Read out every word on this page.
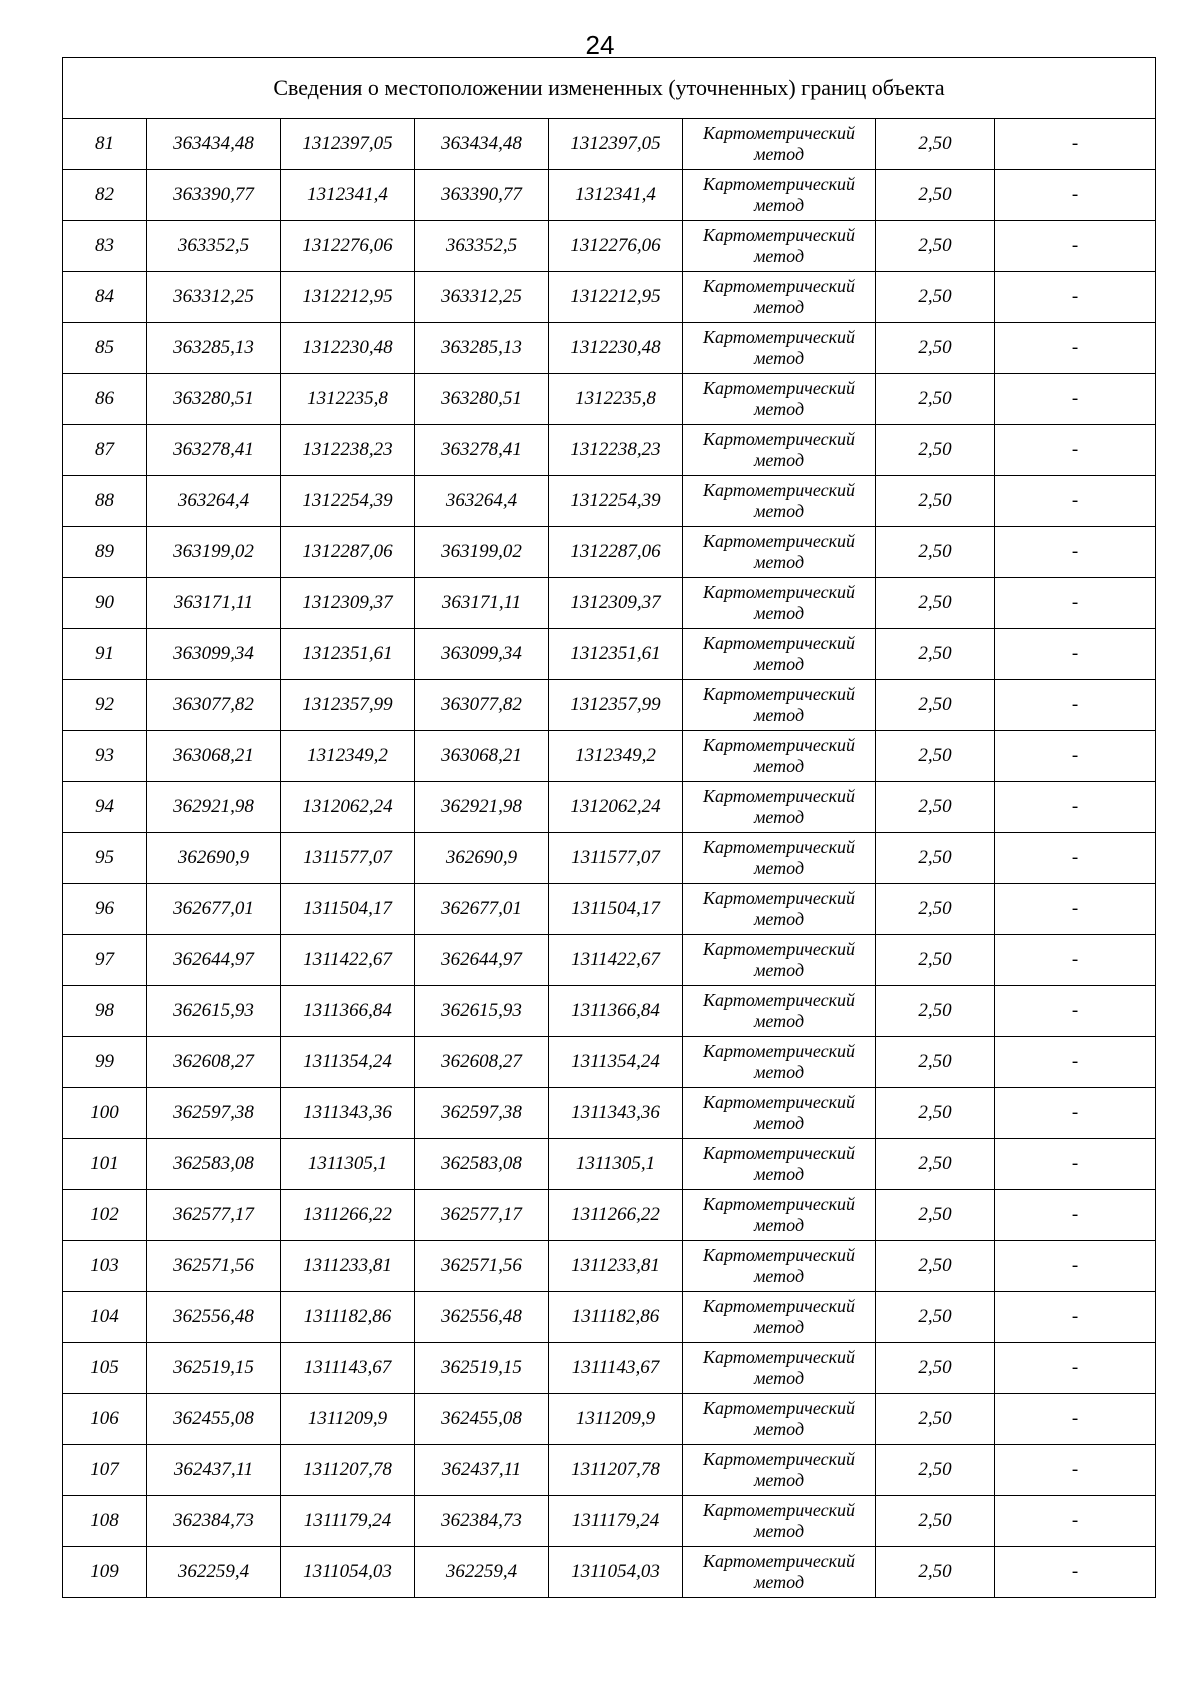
24
Сведения о местоположении измененных (уточненных) границ объекта							
81	363434,48	1312397,05	363434,48	1312397,05	Картометрический
метод	2,50	-
82	363390,77	1312341,4	363390,77	1312341,4	Картометрический
метод	2,50	-
83	363352,5	1312276,06	363352,5	1312276,06	Картометрический
метод	2,50	-
84	363312,25	1312212,95	363312,25	1312212,95	Картометрический
метод	2,50	-
85	363285,13	1312230,48	363285,13	1312230,48	Картометрический
метод	2,50	-
86	363280,51	1312235,8	363280,51	1312235,8	Картометрический
метод	2,50	-
87	363278,41	1312238,23	363278,41	1312238,23	Картометрический
метод	2,50	-
88	363264,4	1312254,39	363264,4	1312254,39	Картометрический
метод	2,50	-
89	363199,02	1312287,06	363199,02	1312287,06	Картометрический
метод	2,50	-
90	363171,11	1312309,37	363171,11	1312309,37	Картометрический
метод	2,50	-
91	363099,34	1312351,61	363099,34	1312351,61	Картометрический
метод	2,50	-
92	363077,82	1312357,99	363077,82	1312357,99	Картометрический
метод	2,50	-
93	363068,21	1312349,2	363068,21	1312349,2	Картометрический
метод	2,50	-
94	362921,98	1312062,24	362921,98	1312062,24	Картометрический
метод	2,50	-
95	362690,9	1311577,07	362690,9	1311577,07	Картометрический
метод	2,50	-
96	362677,01	1311504,17	362677,01	1311504,17	Картометрический
метод	2,50	-
97	362644,97	1311422,67	362644,97	1311422,67	Картометрический
метод	2,50	-
98	362615,93	1311366,84	362615,93	1311366,84	Картометрический
метод	2,50	-
99	362608,27	1311354,24	362608,27	1311354,24	Картометрический
метод	2,50	-
100	362597,38	1311343,36	362597,38	1311343,36	Картометрический
метод	2,50	-
101	362583,08	1311305,1	362583,08	1311305,1	Картометрический
метод	2,50	-
102	362577,17	1311266,22	362577,17	1311266,22	Картометрический
метод	2,50	-
103	362571,56	1311233,81	362571,56	1311233,81	Картометрический
метод	2,50	-
104	362556,48	1311182,86	362556,48	1311182,86	Картометрический
метод	2,50	-
105	362519,15	1311143,67	362519,15	1311143,67	Картометрический
метод	2,50	-
106	362455,08	1311209,9	362455,08	1311209,9	Картометрический
метод	2,50	-
107	362437,11	1311207,78	362437,11	1311207,78	Картометрический
метод	2,50	-
108	362384,73	1311179,24	362384,73	1311179,24	Картометрический
метод	2,50	-
109	362259,4	1311054,03	362259,4	1311054,03	Картометрический
метод	2,50	-
